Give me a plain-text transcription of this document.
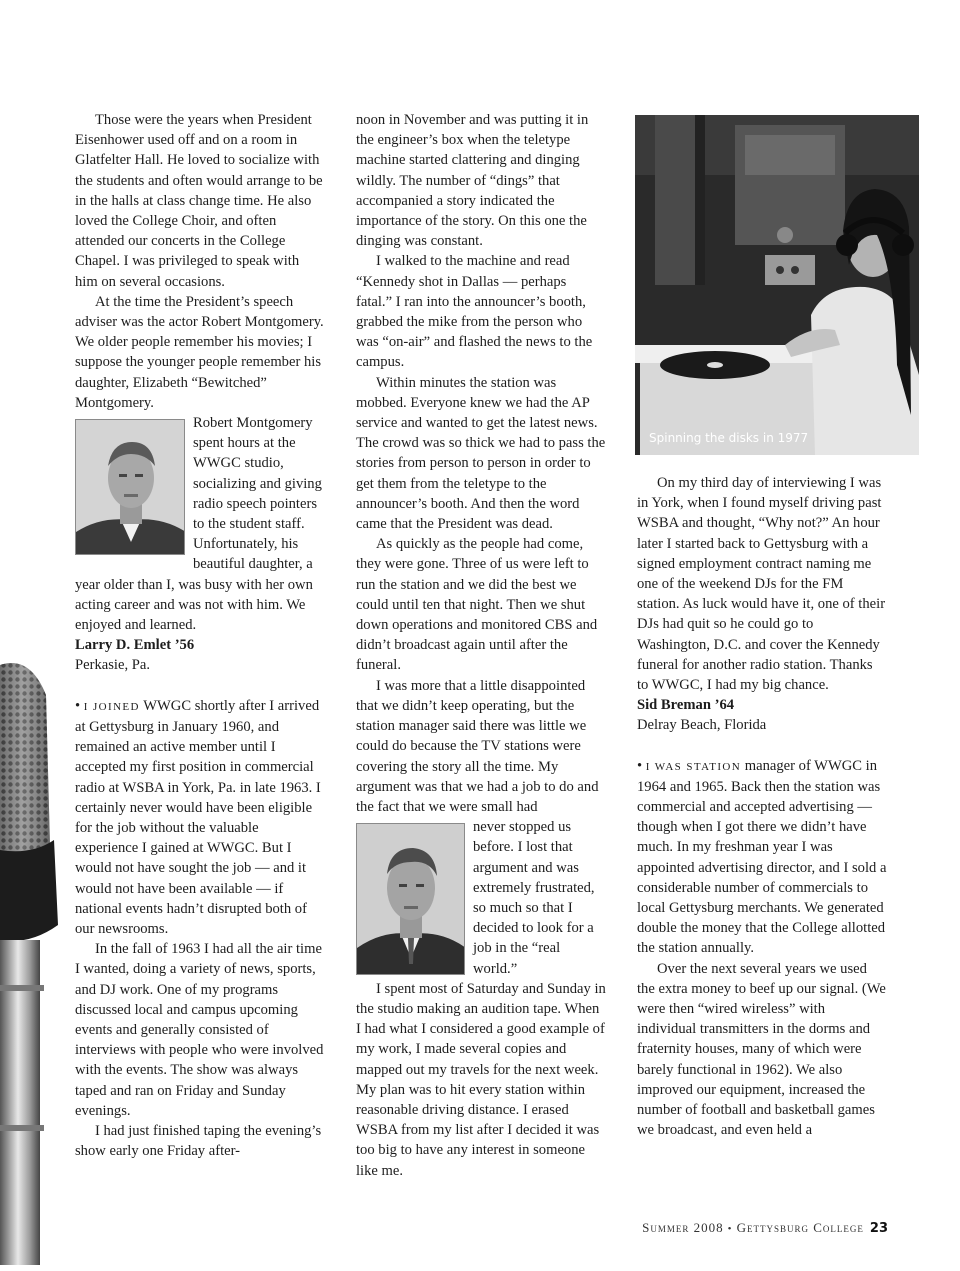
Those were the years when President Eisenhower used off and on a room in Glatfelter Hall. He loved to socialize with the students and often would arrange to be in the halls at class change time. He also loved the College Choir, and often attended our concerts in the College Chapel. I was privileged to speak with him on several occasions.

At the time the President’s speech adviser was the actor Robert Montgomery. We older people remember his movies; I suppose the younger people remember his daughter, Elizabeth “Bewitched” Montgomery.

Robert Montgomery spent hours at the WWGC studio, socializing and giving radio speech pointers to the student staff. Unfortunately, his beautiful daughter, a year older than I, was busy with her own acting career and was not with him. We enjoyed and learned.

Larry D. Emlet ’56

Perkasie, Pa.

• I JOINED WWGC shortly after I arrived at Gettysburg in January 1960, and remained an active member until I accepted my first position in commercial radio at WSBA in York, Pa. in late 1963. I certainly never would have been eligible for the job without the valuable experience I gained at WWGC. But I would not have sought the job — and it would not have been available — if national events hadn’t disrupted both of our newsrooms.

In the fall of 1963 I had all the air time I wanted, doing a variety of news, sports, and DJ work. One of my programs discussed local and campus upcoming events and generally consisted of interviews with people who were involved with the events. The show was always taped and ran on Friday and Sunday evenings.

I had just finished taping the evening’s show early one Friday after-

noon in November and was putting it in the engineer’s box when the teletype machine started clattering and dinging wildly. The number of “dings” that accompanied a story indicated the importance of the story. On this one the dinging was constant.

I walked to the machine and read “Kennedy shot in Dallas — perhaps fatal.” I ran into the announcer’s booth, grabbed the mike from the person who was “on-air” and flashed the news to the campus.

Within minutes the station was mobbed. Everyone knew we had the AP service and wanted to get the latest news. The crowd was so thick we had to pass the stories from person to person in order to get them from the teletype to the announcer’s booth. And then the word came that the President was dead.

As quickly as the people had come, they were gone. Three of us were left to run the station and we did the best we could until ten that night. Then we shut down operations and monitored CBS and didn’t broadcast again until after the funeral.

I was more that a little disappointed that we didn’t keep operating, but the station manager said there was little we could do because the TV stations were covering the story all the time. My argument was that we had a job to do and the fact that we were small had

never stopped us before. I lost that argument and was extremely frustrated, so much so that I decided to look for a job in the “real world.”

I spent most of Saturday and Sunday in the studio making an audition tape. When I had what I considered a good example of my work, I made several copies and mapped out my travels for the next week. My plan was to hit every station within reasonable driving distance. I erased WSBA from my list after I decided it was too big to have any interest in someone like me.

Spinning the disks in 1977

On my third day of interviewing I was in York, when I found myself driving past WSBA and thought, “Why not?” An hour later I started back to Gettysburg with a signed employment contract naming me one of the weekend DJs for the FM station. As luck would have it, one of their DJs had quit so he could go to Washington, D.C. and cover the Kennedy funeral for another radio station. Thanks to WWGC, I had my big chance.

Sid Breman ’64

Delray Beach, Florida

• I WAS STATION manager of WWGC in 1964 and 1965. Back then the station was commercial and accepted advertising — though when I got there we didn’t have much. In my freshman year I was appointed advertising director, and I sold a considerable number of commercials to local Gettysburg merchants. We generated double the money that the College allotted the station annually.

Over the next several years we used the extra money to beef up our signal. (We were then “wired wireless” with individual transmitters in the dorms and fraternity houses, many of which were barely functional in 1962). We also improved our equipment, increased the number of football and basketball games we broadcast, and even held a

Summer 2008 • Gettysburg College 23
